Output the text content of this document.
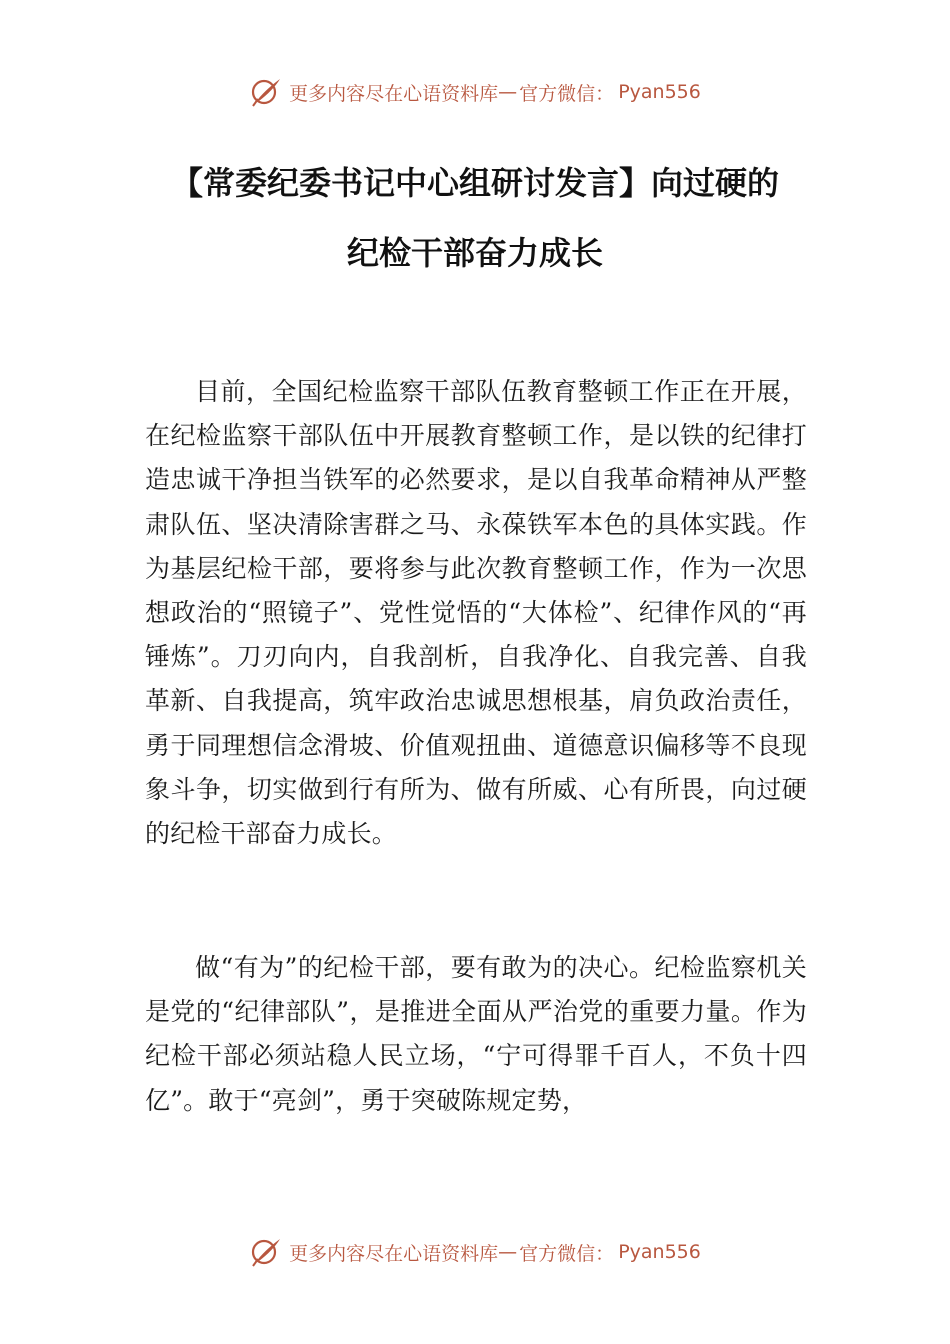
更多内容尽在心语资料库 — 官方微信： Pyan556
【常委纪委书记中心组研讨发言】向过硬的
纪检干部奋力成长

目前，全国纪检监察干部队伍教育整顿工作正在开展，在纪检监察干部队伍中开展教育整顿工作，是以铁的纪律打造忠诚干净担当铁军的必然要求，是以自我革命精神从严整肃队伍、坚决清除害群之马、永葆铁军本色的具体实践。作为基层纪检干部，要将参与此次教育整顿工作，作为一次思想政治的“照镜子”、党性觉悟的“大体检”、纪律作风的“再锤炼”。刀刃向内，自我剖析，自我净化、自我完善、自我革新、自我提高，筑牢政治忠诚思想根基，肩负政治责任，勇于同理想信念滑坡、价值观扭曲、道德意识偏移等不良现象斗争，切实做到行有所为、做有所威、心有所畏，向过硬的纪检干部奋力成长。

做“有为”的纪检干部，要有敢为的决心。纪检监察机关是党的“纪律部队”，是推进全面从严治党的重要力量。作为纪检干部必须站稳人民立场，“宁可得罪千百人，不负十四亿”。敢于“亮剑”，勇于突破陈规定势，

更多内容尽在心语资料库 — 官方微信： Pyan556
